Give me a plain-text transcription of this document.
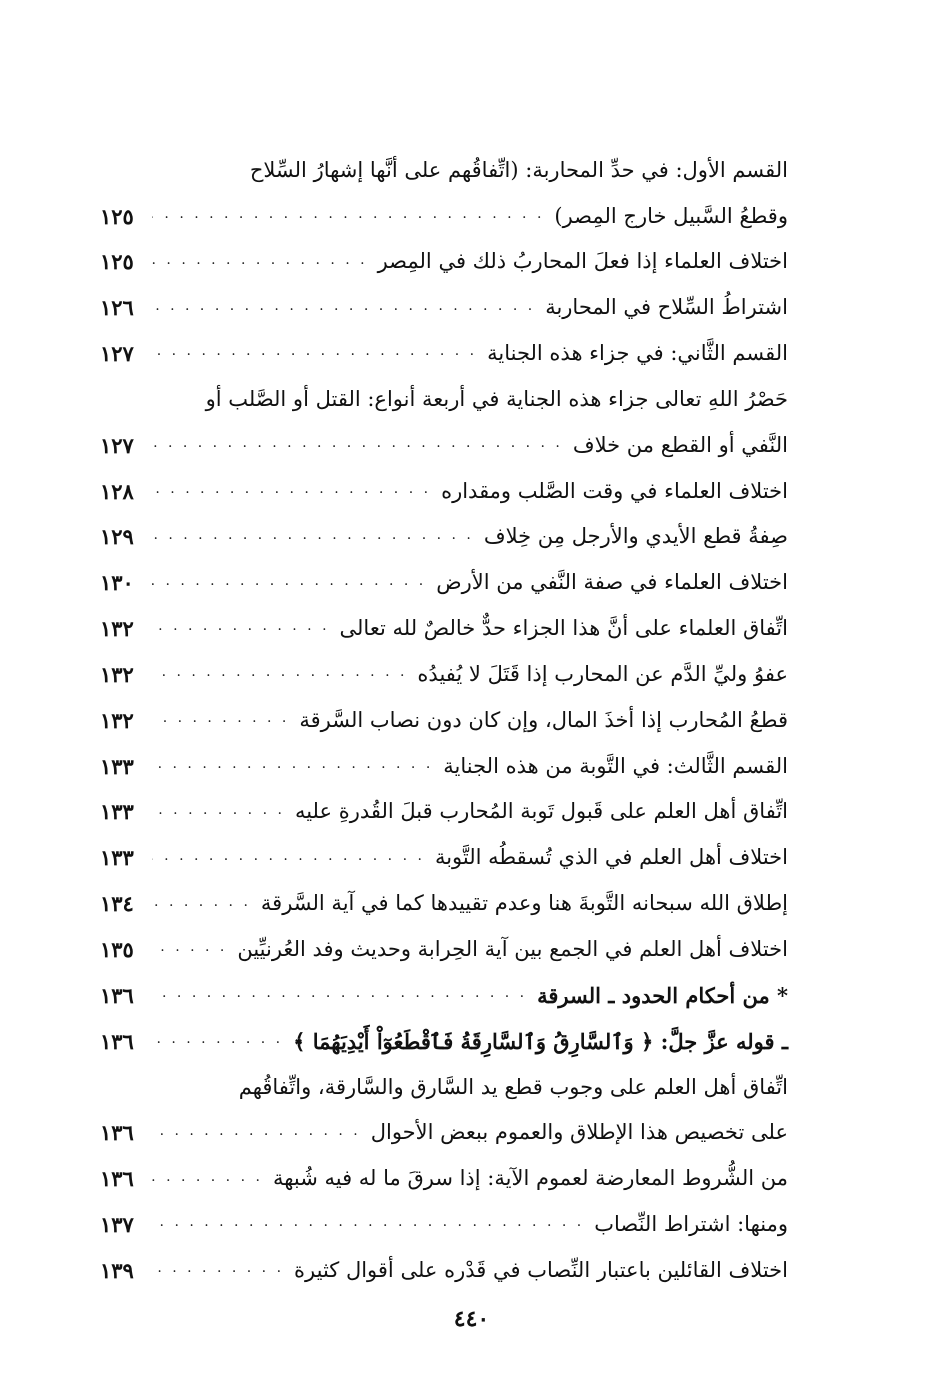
القسم الأول: في حدِّ المحاربة: (اتِّفاقُهم على أنَّها إشهارُ السِّلاح
وقطعُ السَّبيل خارج المِصر)
. . .
١٢٥
اختلاف العلماء إذا فعلَ المحاربُ ذلك في المِصر
. . .
١٢٥
اشتراطُ السِّلاح في المحاربة
. . .
١٢٦
القسم الثَّاني: في جزاء هذه الجناية
. . .
١٢٧
حَصْرُ اللهِ تعالى جزاء هذه الجناية في أربعة أنواع: القتل أو الصَّلب أو
النَّفي أو القطع من خلاف
. . .
١٢٧
اختلاف العلماء في وقت الصَّلب ومقداره
. . .
١٢٨
صِفةُ قطع الأيدي والأرجل مِن خِلاف
. . .
١٢٩
اختلاف العلماء في صفة النَّفي من الأرض
. . .
١٣٠
اتِّفاق العلماء على أنَّ هذا الجزاء حدٌّ خالصٌ لله تعالى
. . .
١٣٢
عفوُ وليِّ الدَّم عن المحارب إذا قَتَلَ لا يُفيدُه
. . .
١٣٢
قطعُ المُحارب إذا أخذَ المال، وإن كان دون نصاب السَّرقة
. . .
١٣٢
القسم الثَّالث: في التَّوبة من هذه الجناية
. . .
١٣٣
اتِّفاق أهل العلم على قَبول تَوبة المُحارب قبلَ القُدرةِ عليه
. . .
١٣٣
اختلاف أهل العلم في الذي تُسقطُه التَّوبة
. . .
١٣٣
إطلاق الله سبحانه التَّوبةَ هنا وعدم تقييدها كما في آية السَّرقة
. . .
١٣٤
اختلاف أهل العلم في الجمع بين آية الحِرابة وحديث وفد العُرنيِّين
. . .
١٣٥
* من أحكام الحدود ـ السرقة
. . .
١٣٦
ـ قوله عزَّ جلَّ: ﴿ وَٱلسَّارِقُ وَٱلسَّارِقَةُ فَٱقْطَعُوٓاْ أَيْدِيَهُمَا ﴾
. . .
١٣٦
اتِّفاق أهل العلم على وجوب قطع يد السَّارق والسَّارقة، واتِّفاقُهم
على تخصيص هذا الإطلاق والعموم ببعض الأحوال
. . .
١٣٦
من الشُّروط المعارضة لعموم الآية: إذا سرقَ ما له فيه شُبهة
. . .
١٣٦
ومنها: اشتراط النِّصاب
. . .
١٣٧
اختلاف القائلين باعتبار النِّصاب في قَدْره على أقوال كثيرة
. . .
١٣٩
٤٤٠
